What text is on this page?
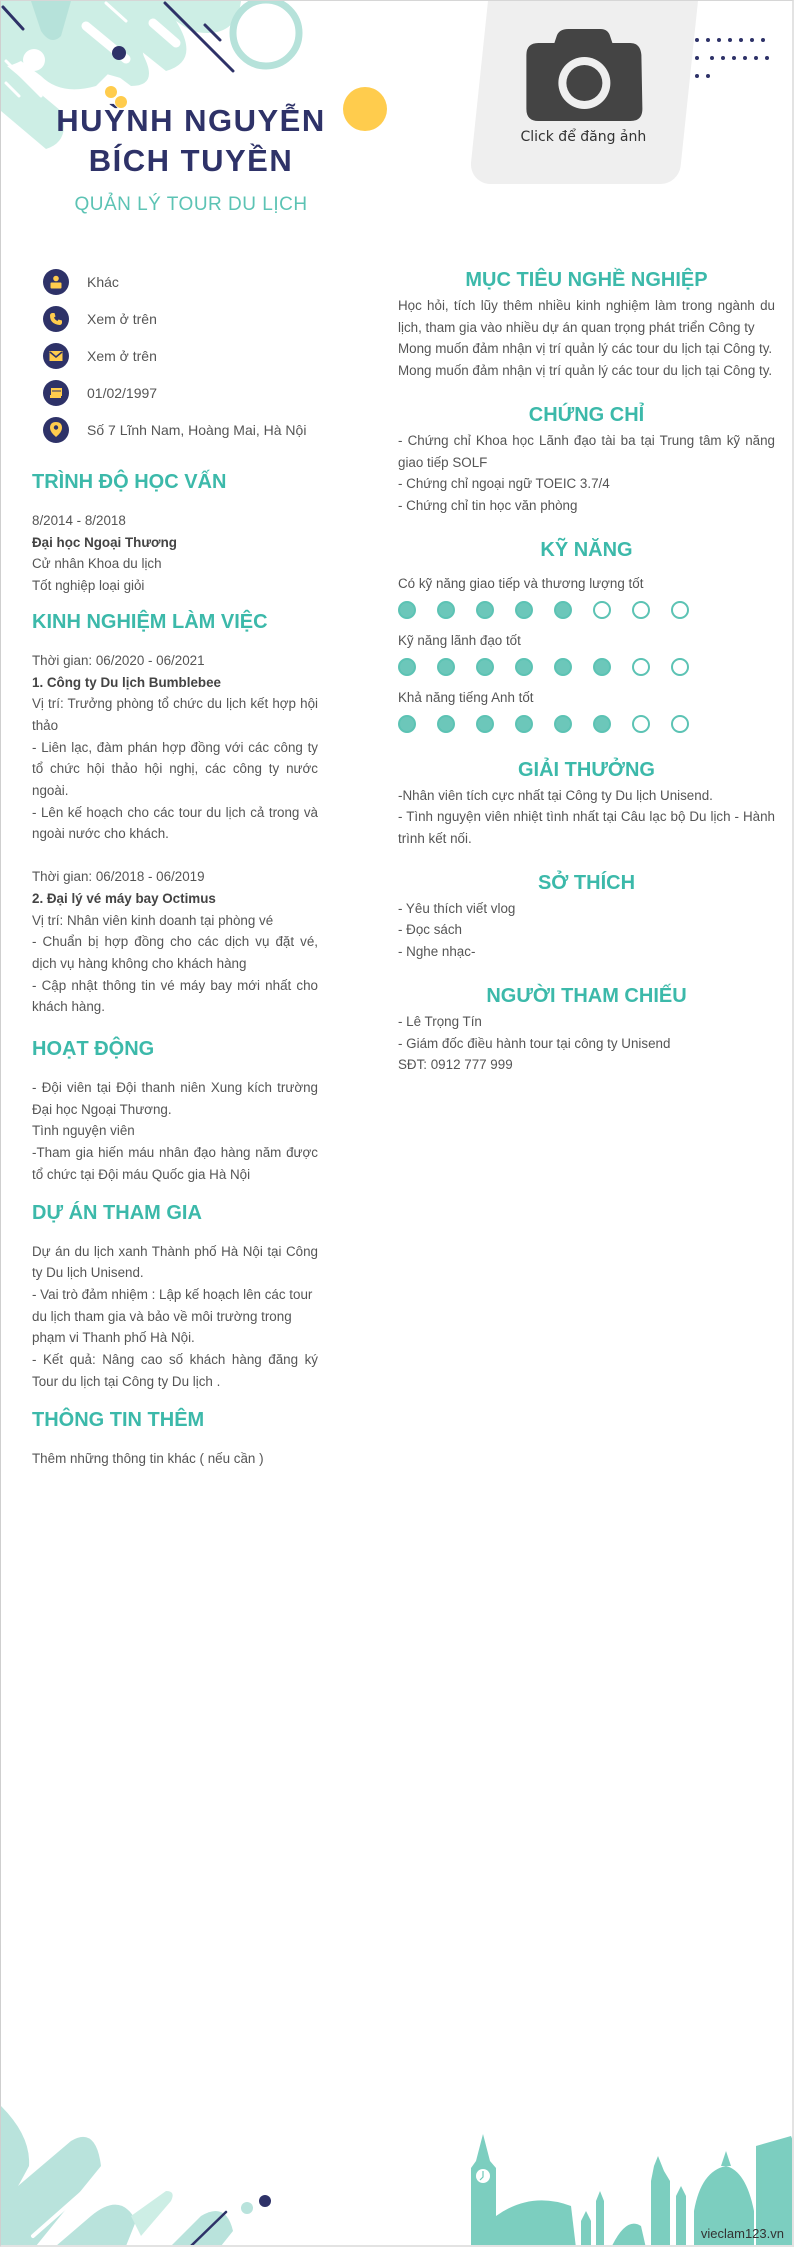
HUỲNH NGUYỄN
BÍCH TUYỀN
QUẢN LÝ TOUR DU LỊCH
Click để đăng ảnh

Khác
Xem ở trên
Xem ở trên
01/02/1997
Số 7 Lĩnh Nam, Hoàng Mai, Hà Nội
TRÌNH ĐỘ HỌC VẤN
8/2014 - 8/2018
Đại học Ngoại Thương
Cử nhân Khoa du lịch
Tốt nghiệp loại giỏi
KINH NGHIỆM LÀM VIỆC
Thời gian: 06/2020 - 06/2021
1. Công ty Du lịch Bumblebee
Vị trí: Trưởng phòng tổ chức du lịch kết hợp hội thảo
- Liên lạc, đàm phán hợp đồng với các công ty tổ chức hội thảo hội nghị, các công ty nước ngoài.
- Lên kế hoạch cho các tour du lịch cả trong và ngoài nước cho khách.
Thời gian: 06/2018 - 06/2019
2. Đại lý vé máy bay Octimus
Vị trí: Nhân viên kinh doanh tại phòng vé
- Chuẩn bị hợp đồng cho các dịch vụ đặt vé, dịch vụ hàng không cho khách hàng
- Cập nhật thông tin vé máy bay mới nhất cho khách hàng.
HOẠT ĐỘNG
- Đội viên tại Đội thanh niên Xung kích trường Đại học Ngoại Thương.
Tình nguyện viên
-Tham gia hiến máu nhân đạo hàng năm được tổ chức tại Đội máu Quốc gia Hà Nội
DỰ ÁN THAM GIA
Dự án du lịch xanh Thành phố Hà Nội tại Công ty Du lịch Unisend.
- Vai trò đảm nhiệm : Lập kế hoạch lên các tour du lịch tham gia và bảo về môi trường trong phạm vi Thanh phố Hà Nội.
- Kết quả: Nâng cao số khách hàng đăng ký Tour du lịch tại Công ty Du lịch .
THÔNG TIN THÊM
Thêm những thông tin khác ( nếu cần )
MỤC TIÊU NGHỀ NGHIỆP
Học hỏi, tích lũy thêm nhiều kinh nghiệm làm trong ngành du lịch, tham gia vào nhiều dự án quan trọng phát triển Công ty
Mong muốn đảm nhận vị trí quản lý các tour du lịch tại Công ty.
Mong muốn đảm nhận vị trí quản lý các tour du lịch tại Công ty.
CHỨNG CHỈ
- Chứng chỉ Khoa học Lãnh đạo tài ba tại Trung tâm kỹ năng giao tiếp SOLF
- Chứng chỉ ngoại ngữ TOEIC 3.7/4
- Chứng chỉ tin học văn phòng
KỸ NĂNG
Có kỹ năng giao tiếp và thương lượng tốt
Kỹ năng lãnh đạo tốt
Khả năng tiếng Anh tốt
GIẢI THƯỞNG
-Nhân viên tích cực nhất tại Công ty Du lịch Unisend.
- Tình nguyện viên nhiệt tình nhất tại Câu lạc bộ Du lịch - Hành trình kết nối.
SỞ THÍCH
- Yêu thích viết vlog
- Đọc sách
- Nghe nhạc-
NGƯỜI THAM CHIẾU
- Lê Trọng Tín
- Giám đốc điều hành tour tại công ty Unisend
SĐT: 0912 777 999
vieclam123.vn
